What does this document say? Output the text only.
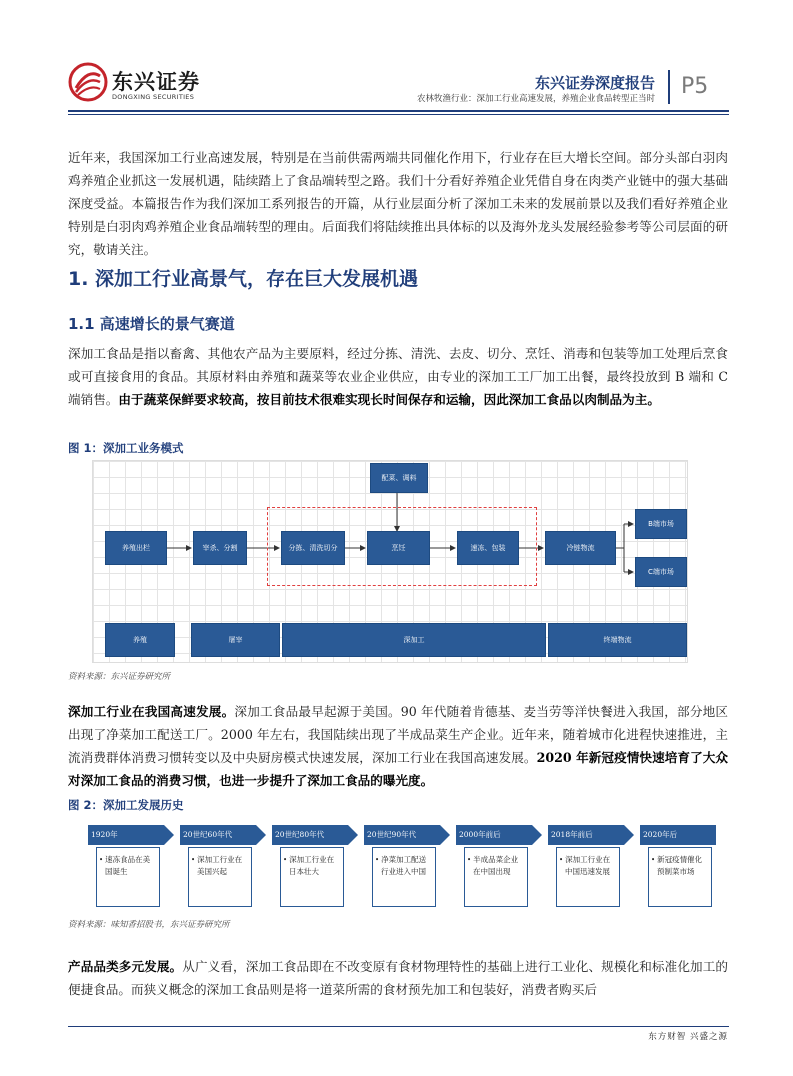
东兴证券
DONGXING SECURITIES
东兴证券深度报告
农林牧渔行业：深加工行业高速发展，养殖企业食品转型正当时 P5

近年来，我国深加工行业高速发展，特别是在当前供需两端共同催化作用下，行业存在巨大增长空间。部分头部白羽肉鸡养殖企业抓这一发展机遇，陆续踏上了食品端转型之路。我们十分看好养殖企业凭借自身在肉类产业链中的强大基础深度受益。本篇报告作为我们深加工系列报告的开篇，从行业层面分析了深加工未来的发展前景以及我们看好养殖企业特别是白羽肉鸡养殖企业食品端转型的理由。后面我们将陆续推出具体标的以及海外龙头发展经验参考等公司层面的研究，敬请关注。

1. 深加工行业高景气，存在巨大发展机遇
1.1 高速增长的景气赛道

深加工食品是指以畜禽、其他农产品为主要原料，经过分拣、清洗、去皮、切分、烹饪、消毒和包装等加工处理后烹食或可直接食用的食品。其原材料由养殖和蔬菜等农业企业供应，由专业的深加工工厂加工出餐，最终投放到 B 端和 C 端销售。由于蔬菜保鲜要求较高，按目前技术很难实现长时间保存和运输，因此深加工食品以肉制品为主。

图 1：深加工业务模式
配菜、调料
养殖出栏	宰杀、分割	分拣、清洗切分	烹饪	速冻、包装	冷链物流
B端市场
C端市场
养殖	屠宰	深加工	终端物流
资料来源：东兴证券研究所

深加工行业在我国高速发展。深加工食品最早起源于美国。90 年代随着肯德基、麦当劳等洋快餐进入我国，部分地区出现了净菜加工配送工厂。2000 年左右，我国陆续出现了半成品菜生产企业。近年来，随着城市化进程快速推进，主流消费群体消费习惯转变以及中央厨房模式快速发展，深加工行业在我国高速发展。2020 年新冠疫情快速培育了大众对深加工食品的消费习惯，也进一步提升了深加工食品的曝光度。

图 2：深加工发展历史
1920年	20世纪60年代	20世纪80年代	20世纪90年代	2000年前后	2018年前后	2020年后
• 速冻食品在美国诞生
• 深加工行业在美国兴起
• 深加工行业在日本壮大
• 净菜加工配送行业进入中国
• 半成品菜企业在中国出现
• 深加工行业在中国迅速发展
• 新冠疫情催化预制菜市场
资料来源：味知香招股书，东兴证券研究所

产品品类多元发展。从广义看，深加工食品即在不改变原有食材物理特性的基础上进行工业化、规模化和标准化加工的便捷食品。而狭义概念的深加工食品则是将一道菜所需的食材预先加工和包装好，消费者购买后

东方财智 兴盛之源
